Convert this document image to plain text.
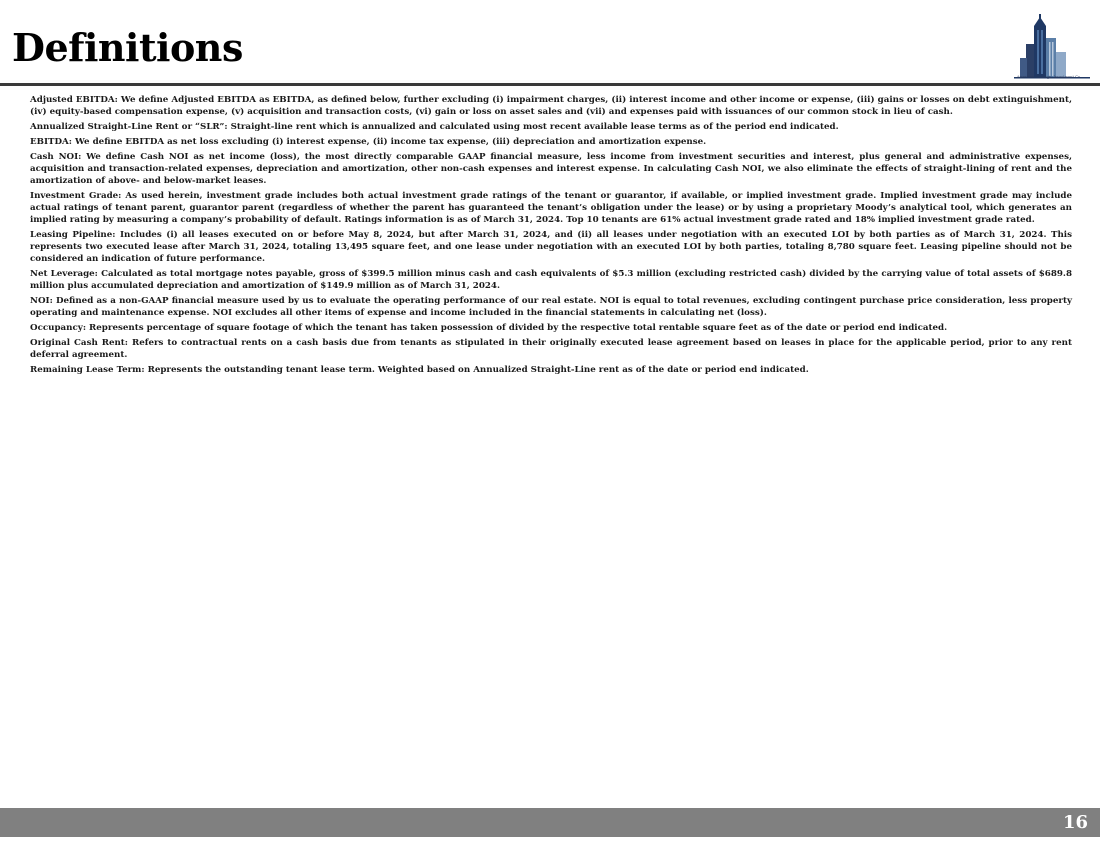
Definitions
American Strategic Investment Co.

Adjusted EBITDA: We define Adjusted EBITDA as EBITDA, as defined below, further excluding (i) impairment charges, (ii) interest income and other income or expense, (iii) gains or losses on debt extinguishment, (iv) equity-based compensation expense, (v) acquisition and transaction costs, (vi) gain or loss on asset sales and (vii) and expenses paid with issuances of our common stock in lieu of cash.

Annualized Straight-Line Rent or “SLR”: Straight-line rent which is annualized and calculated using most recent available lease terms as of the period end indicated.

EBITDA: We define EBITDA as net loss excluding (i) interest expense, (ii) income tax expense, (iii) depreciation and amortization expense.

Cash NOI: We define Cash NOI as net income (loss), the most directly comparable GAAP financial measure, less income from investment securities and interest, plus general and administrative expenses, acquisition and transaction-related expenses, depreciation and amortization, other non-cash expenses and interest expense. In calculating Cash NOI, we also eliminate the effects of straight-lining of rent and the amortization of above- and below-market leases.

Investment Grade: As used herein, investment grade includes both actual investment grade ratings of the tenant or guarantor, if available, or implied investment grade. Implied investment grade may include actual ratings of tenant parent, guarantor parent (regardless of whether the parent has guaranteed the tenant’s obligation under the lease) or by using a proprietary Moody’s analytical tool, which generates an implied rating by measuring a company’s probability of default. Ratings information is as of March 31, 2024. Top 10 tenants are 61% actual investment grade rated and 18% implied investment grade rated.

Leasing Pipeline: Includes (i) all leases executed on or before May 8, 2024, but after March 31, 2024, and (ii) all leases under negotiation with an executed LOI by both parties as of March 31, 2024. This represents two executed lease after March 31, 2024, totaling 13,495 square feet, and one lease under negotiation with an executed LOI by both parties, totaling 8,780 square feet. Leasing pipeline should not be considered an indication of future performance.

Net Leverage: Calculated as total mortgage notes payable, gross of $399.5 million minus cash and cash equivalents of $5.3 million (excluding restricted cash) divided by the carrying value of total assets of $689.8 million plus accumulated depreciation and amortization of $149.9 million as of March 31, 2024.

NOI: Defined as a non-GAAP financial measure used by us to evaluate the operating performance of our real estate. NOI is equal to total revenues, excluding contingent purchase price consideration, less property operating and maintenance expense. NOI excludes all other items of expense and income included in the financial statements in calculating net (loss).

Occupancy: Represents percentage of square footage of which the tenant has taken possession of divided by the respective total rentable square feet as of the date or period end indicated.

Original Cash Rent: Refers to contractual rents on a cash basis due from tenants as stipulated in their originally executed lease agreement based on leases in place for the applicable period, prior to any rent deferral agreement.

Remaining Lease Term: Represents the outstanding tenant lease term. Weighted based on Annualized Straight-Line rent as of the date or period end indicated.

16
